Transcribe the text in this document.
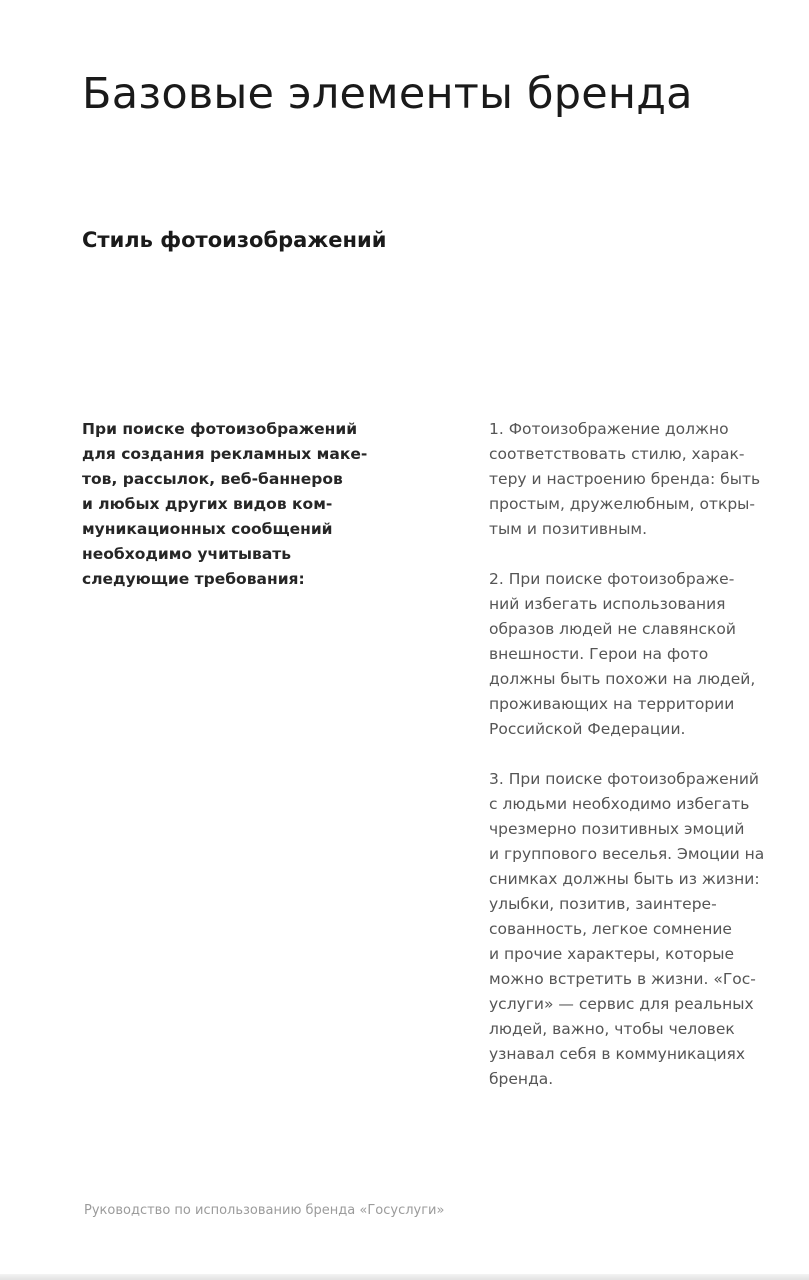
Базовые элементы бренда
Стиль фотоизображений
При поиске фотоизображений
для создания рекламных маке-
тов, рассылок, веб-баннеров
и любых других видов ком-
муникационных сообщений
необходимо учитывать
следующие требования:
1. Фотоизображение должно
соответствовать стилю, харак-
теру и настроению бренда: быть
простым, дружелюбным, откры-
тым и позитивным.
2. При поиске фотоизображе-
ний избегать использования
образов людей не славянской
внешности. Герои на фото
должны быть похожи на людей,
проживающих на территории
Российской Федерации.
3. При поиске фотоизображений
с людьми необходимо избегать
чрезмерно позитивных эмоций
и группового веселья. Эмоции на
снимках должны быть из жизни:
улыбки, позитив, заинтере-
сованность, легкое сомнение
и прочие характеры, которые
можно встретить в жизни. «Гос-
услуги» — сервис для реальных
людей, важно, чтобы человек
узнавал себя в коммуникациях
бренда.
Руководство по использованию бренда «Госуслуги»
